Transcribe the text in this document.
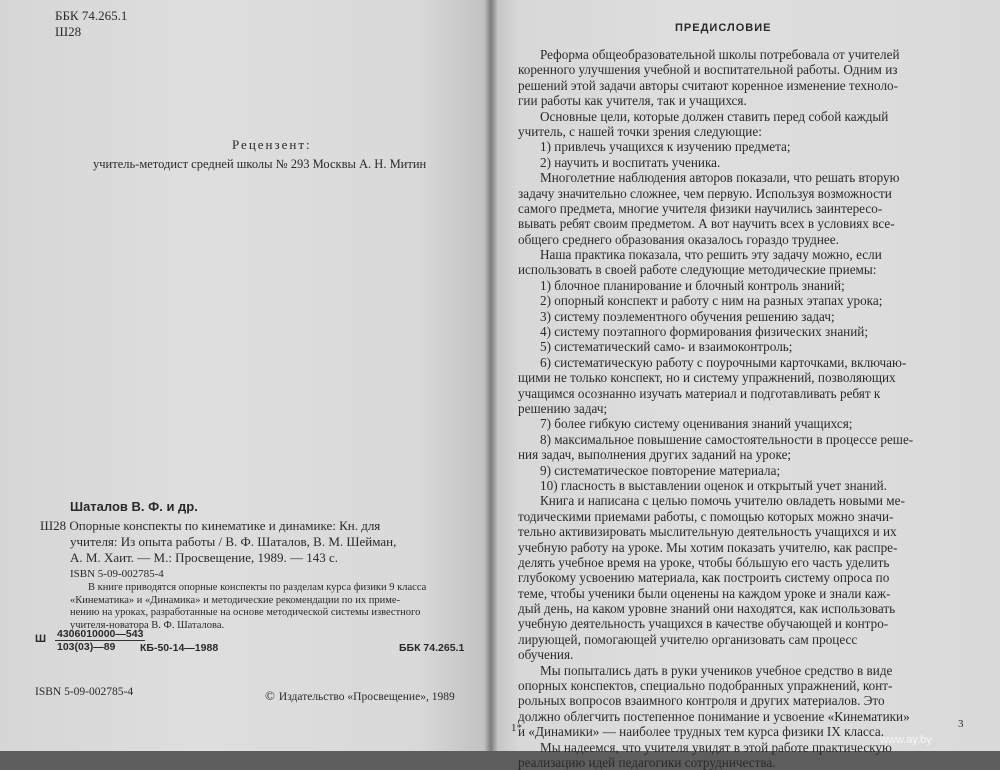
ББК 74.265.1
Ш28
Рецензент:
учитель-методист средней школы № 293 Москвы А. Н. Митин
Шаталов В. Ф. и др.
Ш28 Опорные конспекты по кинематике и динамике: Кн. для
учителя: Из опыта работы / В. Ф. Шаталов, В. М. Шейман,
А. М. Хаит. — М.: Просвещение, 1989. — 143 с.
ISBN 5-09-002785-4
В книге приводятся опорные конспекты по разделам курса физики 9 класса
«Кинематика» и «Динамика» и методические рекомендации по их приме-
нению на уроках, разработанные на основе методической системы известного
учителя-новатора В. Ф. Шаталова.
Ш $\frac{4306010000—543}{103(03)—89}$
КБ-50-14—1988	ББК 74.265.1
ISBN 5-09-002785-4	© Издательство «Просвещение», 1989
ПРЕДИСЛОВИЕ
Реформа общеобразовательной школы потребовала от учителей
коренного улучшения учебной и воспитательной работы. Одним из
решений этой задачи авторы считают коренное изменение техноло-
гии работы как учителя, так и учащихся.
Основные цели, которые должен ставить перед собой каждый
учитель, с нашей точки зрения следующие:
1) привлечь учащихся к изучению предмета;
2) научить и воспитать ученика.
Многолетние наблюдения авторов показали, что решать вторую
задачу значительно сложнее, чем первую. Используя возможности
самого предмета, многие учителя физики научились заинтересо-
вывать ребят своим предметом. А вот научить всех в условиях все-
общего среднего образования оказалось гораздо труднее.
Наша практика показала, что решить эту задачу можно, если
использовать в своей работе следующие методические приемы:
1) блочное планирование и блочный контроль знаний;
2) опорный конспект и работу с ним на разных этапах урока;
3) систему поэлементного обучения решению задач;
4) систему поэтапного формирования физических знаний;
5) систематический само- и взаимоконтроль;
6) систематическую работу с поурочными карточками, включаю-
щими не только конспект, но и систему упражнений, позволяющих
учащимся осознанно изучать материал и подготавливать ребят к
решению задач;
7) более гибкую систему оценивания знаний учащихся;
8) максимальное повышение самостоятельности в процессе реше-
ния задач, выполнения других заданий на уроке;
9) систематическое повторение материала;
10) гласность в выставлении оценок и открытый учет знаний.
Книга и написана с целью помочь учителю овладеть новыми ме-
тодическими приемами работы, с помощью которых можно значи-
тельно активизировать мыслительную деятельность учащихся и их
учебную работу на уроке. Мы хотим показать учителю, как распре-
делять учебное время на уроке, чтобы бóльшую его часть уделить
глубокому усвоению материала, как построить систему опроса по
теме, чтобы ученики были оценены на каждом уроке и знали каж-
дый день, на каком уровне знаний они находятся, как использовать
учебную деятельность учащихся в качестве обучающей и контро-
лирующей, помогающей учителю организовать сам процесс
обучения.
Мы попытались дать в руки учеников учебное средство в виде
опорных конспектов, специально подобранных упражнений, конт-
рольных вопросов взаимного контроля и других материалов. Это
должно облегчить постепенное понимание и усвоение «Кинематики»
и «Динамики» — наиболее трудных тем курса физики IX класса.
Мы надеемся, что учителя увидят в этой работе практическую
реализацию идей педагогики сотрудничества.
1*	3
www.ay.by
